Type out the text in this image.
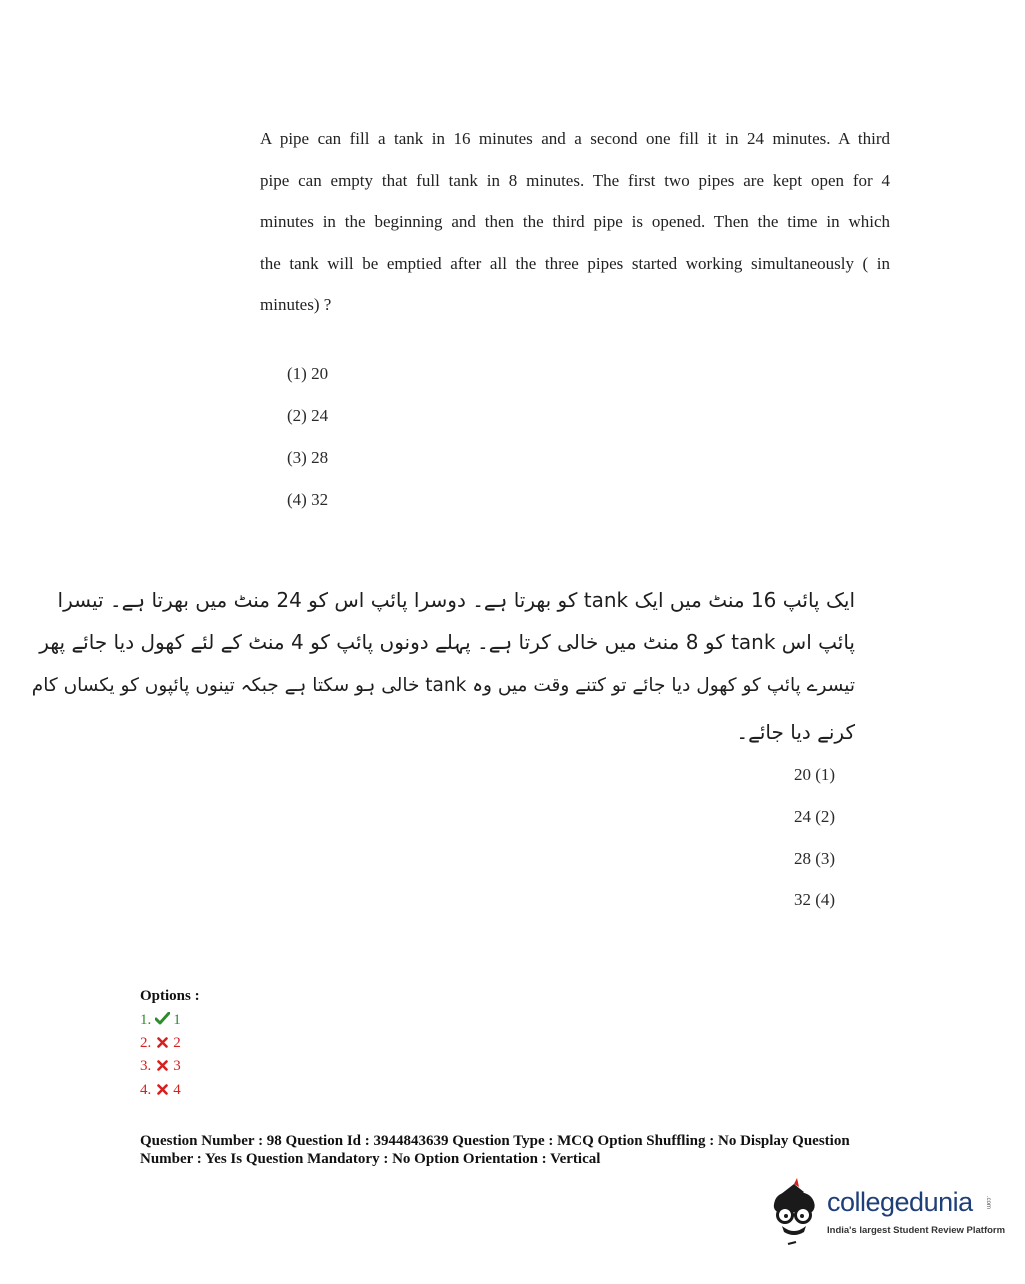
A pipe can fill a tank in 16 minutes and a second one fill it in 24 minutes. A third
pipe can empty that full tank in 8 minutes. The first two pipes are kept open for 4
minutes in the beginning and then the third pipe is opened. Then the time in which
the tank will be emptied after all the three pipes started working simultaneously ( in
minutes) ?
(1) 20
(2) 24
(3) 28
(4) 32
ایک پائپ 16 منٹ میں ایک tank کو بھرتا ہے۔ دوسرا پائپ اس کو 24 منٹ میں بھرتا ہے۔ تیسرا
پائپ اس tank کو 8 منٹ میں خالی کرتا ہے۔ پہلے دونوں پائپ کو 4 منٹ کے لئے کھول دیا جائے پھر
تیسرے پائپ کو کھول دیا جائے تو کتنے وقت میں وہ tank خالی ہو سکتا ہے جبکہ تینوں پائپوں کو یکساں کام
کرنے دیا جائے۔
20 (1)
24 (2)
28 (3)
32 (4)
Options :
1. 1
2. 2
3. 3
4. 4
Question Number : 98 Question Id : 3944843639 Question Type : MCQ Option Shuffling : No Display Question
Number : Yes Is Question Mandatory : No Option Orientation : Vertical
collegedunia .com
India's largest Student Review Platform
